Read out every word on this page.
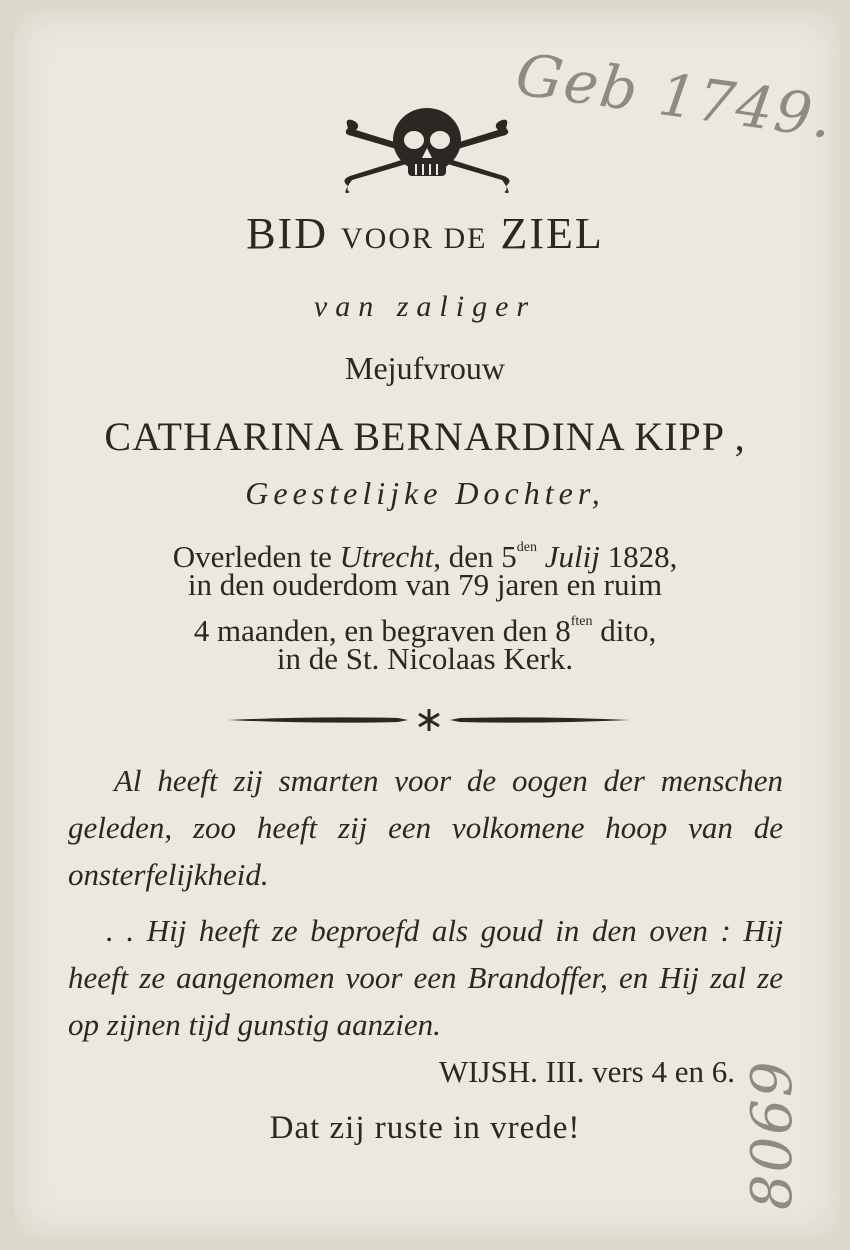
Geb 1749.
8069
BID VOOR DE ZIEL
van zaliger
Mejufvrouw
CATHARINA BERNARDINA KIPP ,
Geestelijke Dochter,
Overleden te Utrecht, den $5^{den}$ Julij 1828,
in den ouderdom van 79 jaren en ruim
4 maanden, en begraven den $8^{ften}$ dito,
in de St. Nicolaas Kerk.
Al heeft zij smarten voor de oogen der menschen geleden, zoo heeft zij een volkomene hoop van de onsterfelijkheid.
. . Hij heeft ze beproefd als goud in den oven : Hij heeft ze aangenomen voor een Brandoffer, en Hij zal ze op zijnen tijd gunstig aanzien.
WIJSH. III. vers 4 en 6.
Dat zij ruste in vrede!
